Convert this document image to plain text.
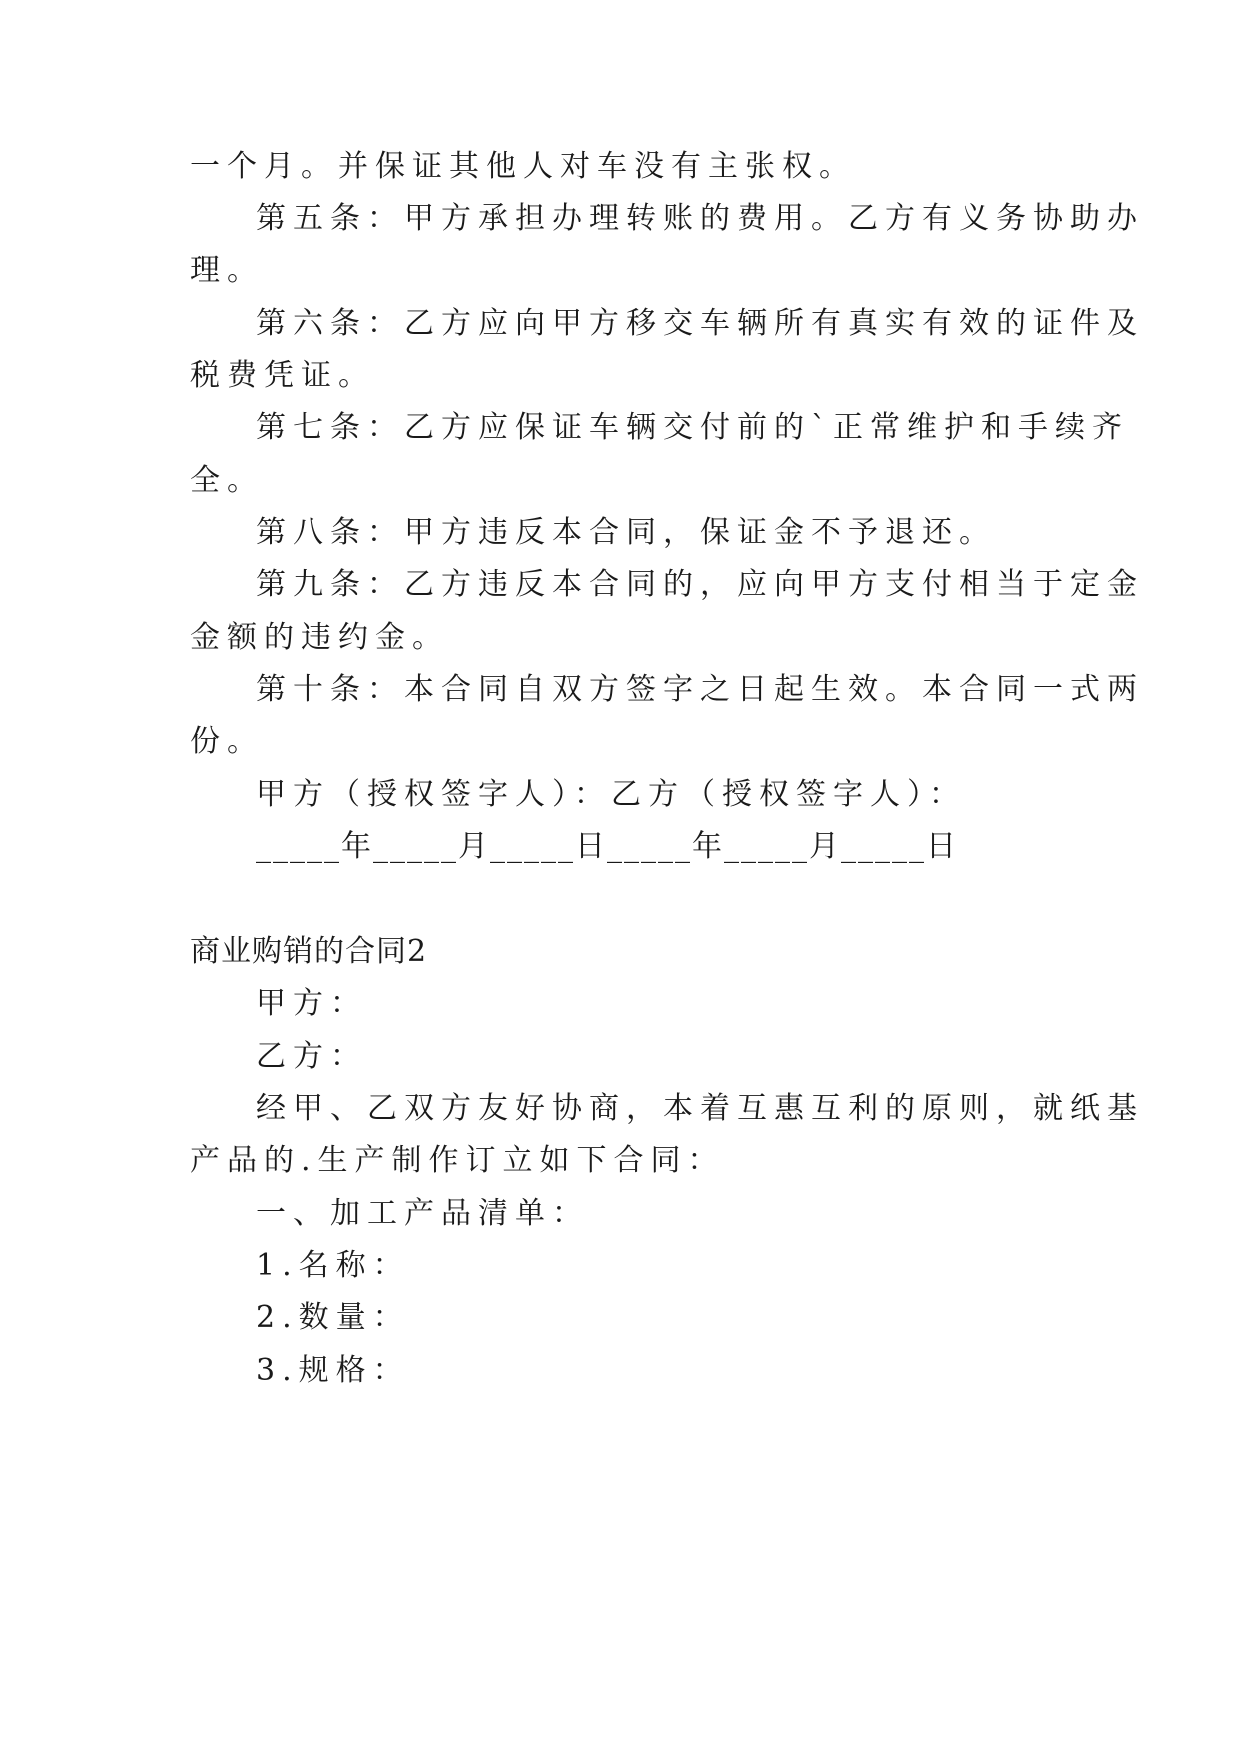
一个月。并保证其他人对车没有主张权。
第五条：甲方承担办理转账的费用。乙方有义务协助办
理。
第六条：乙方应向甲方移交车辆所有真实有效的证件及
税费凭证。
第七条：乙方应保证车辆交付前的`正常维护和手续齐
全。
第八条：甲方违反本合同，保证金不予退还。
第九条：乙方违反本合同的，应向甲方支付相当于定金
金额的违约金。
第十条：本合同自双方签字之日起生效。本合同一式两
份。
甲方（授权签字人）：乙方（授权签字人）：
_____年_____月_____日_____年_____月_____日
商业购销的合同2
甲方：
乙方：
经甲、乙双方友好协商，本着互惠互利的原则，就纸基
产品的.生产制作订立如下合同：
一、加工产品清单：
1.名称：
2.数量：
3.规格：
